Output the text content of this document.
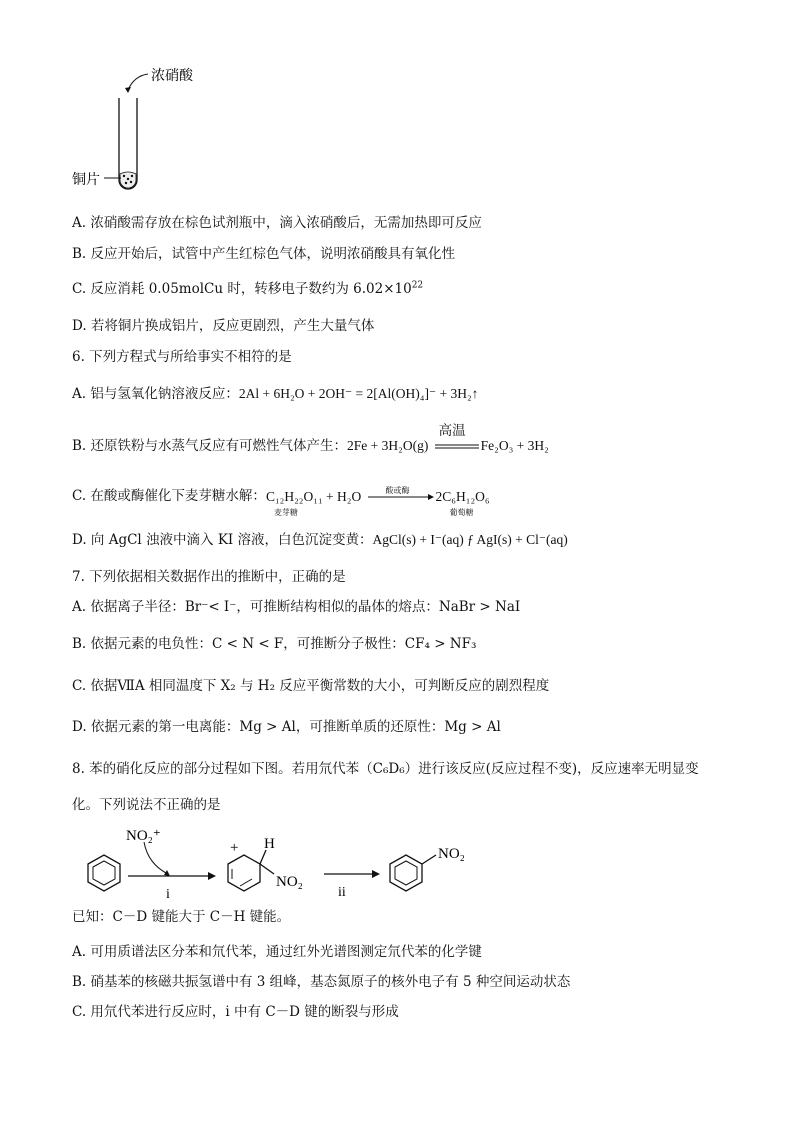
浓硝酸
铜片
A. 浓硝酸需存放在棕色试剂瓶中，滴入浓硝酸后，无需加热即可反应
B. 反应开始后，试管中产生红棕色气体，说明浓硝酸具有氧化性
C. 反应消耗 0.05molCu 时，转移电子数约为 $6.02\times 10^{22}$
D. 若将铜片换成铝片，反应更剧烈，产生大量气体
6. 下列方程式与所给事实不相符的是
A. 铝与氢氧化钠溶液反应：2Al + 6H₂O + 2OH⁻ = 2[Al(OH)₄]⁻ + 3H₂↑
B. 还原铁粉与水蒸气反应有可燃性气体产生：2Fe + 3H₂O(g)
高温
Fe₂O₃ + 3H₂
C. 在酸或酶催化下麦芽糖水解：C₁₂H₂₂O₁₁ + H₂O
麦芽糖

酸或酶 2C₆H₁₂O₆
葡萄糖
D. 向 AgCl 浊液中滴入 KI 溶液，白色沉淀变黄：AgCl(s) + I⁻(aq) ƒ AgI(s) + Cl⁻(aq)
7. 下列依据相关数据作出的推断中，正确的是
A. 依据离子半径：Br⁻< I⁻，可推断结构相似的晶体的熔点：NaBr > NaI
B. 依据元素的电负性：C < N < F，可推断分子极性：CF₄ > NF₃
C. 依据ⅦA 相同温度下 X₂ 与 H₂ 反应平衡常数的大小，可判断反应的剧烈程度
D. 依据元素的第一电离能：Mg > Al，可推断单质的还原性：Mg > Al
8. 苯的硝化反应的部分过程如下图。若用氘代苯（C₆D₆）进行该反应(反应过程不变)，反应速率无明显变
化。下列说法不正确的是
NO₂⁺
i
+ H
NO₂
ii
NO₂
已知：C－D 键能大于 C－H 键能。
A. 可用质谱法区分苯和氘代苯，通过红外光谱图测定氘代苯的化学键
B. 硝基苯的核磁共振氢谱中有 3 组峰，基态氮原子的核外电子有 5 种空间运动状态
C. 用氘代苯进行反应时，i 中有 C－D 键的断裂与形成
